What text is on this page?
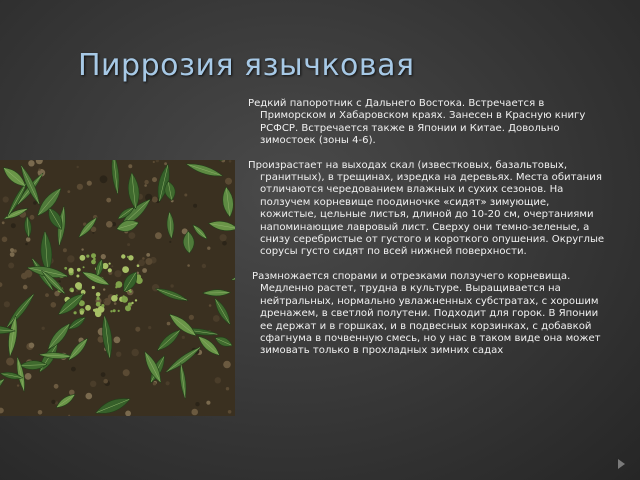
Пиррозия язычковая

Редкий папоротник с Дальнего Востока. Встречается в Приморском и Хабаровском краях. Занесен в Красную книгу РСФСР. Встречается также в Японии и Китае. Довольно зимостоек (зоны 4-6).

Произрастает на выходах скал (известковых, базальтовых, гранитных), в трещинах, изредка на деревьях. Места обитания отличаются чередованием влажных и сухих сезонов. На ползучем корневище поодиночке «сидят» зимующие, кожистые, цельные листья, длиной до 10-20 см, очертаниями напоминающие лавровый лист. Сверху они темно-зеленые, а снизу серебристые от густого и короткого опушения. Округлые сорусы густо сидят по всей нижней поверхности.

Размножается спорами и отрезками ползучего корневища. Медленно растет, трудна в культуре. Выращивается на нейтральных, нормально увлажненных субстратах, с хорошим дренажем, в светлой полутени. Подходит для горок. В Японии ее держат и в горшках, и в подвесных корзинках, с добавкой сфагнума в почвенную смесь, но у нас в таком виде она может зимовать только в прохладных зимних садах
